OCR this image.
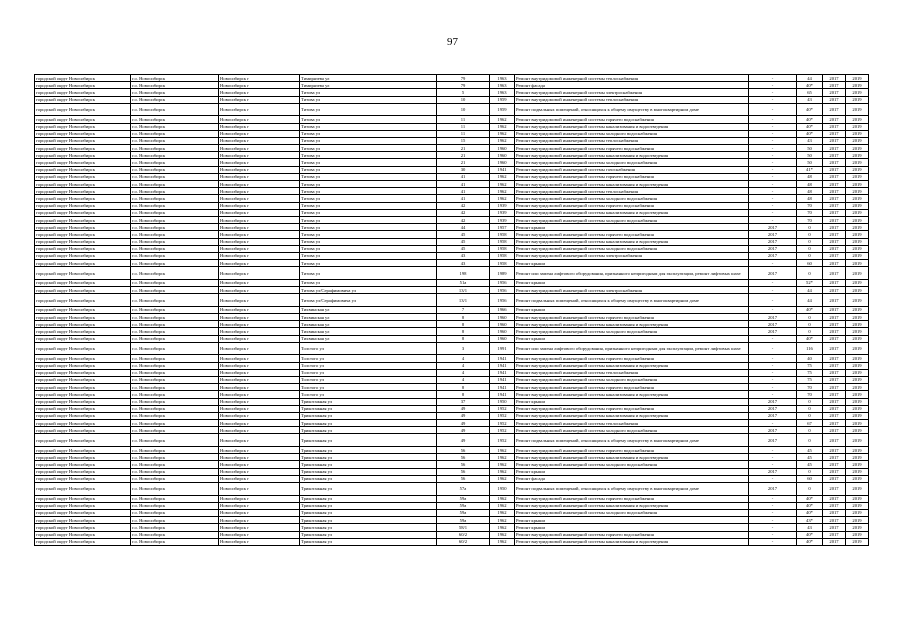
97
городской округ Новосибирск	г.о. Новосибирск	Новосибирск г	Тимирязева ул	79	1963	Ремонт внутридомовой инженерной системы теплоснабжения	-	44	2017	2019
городской округ Новосибирск	г.о. Новосибирск	Новосибирск г	Тимирязева ул	79	1963	Ремонт фасада	-	40*	2017	2019
городской округ Новосибирск	г.о. Новосибирск	Новосибирск г	Титова ул	5	1963	Ремонт внутридомовой инженерной системы электроснабжения	-	65	2017	2019
городской округ Новосибирск	г.о. Новосибирск	Новосибирск г	Титова ул	10	1959	Ремонт внутридомовой инженерной системы теплоснабжения	-	43	2017	2019
городской округ Новосибирск	г.о. Новосибирск	Новосибирск г	Титова ул	10	1959	Ремонт подвальных помещений, относящихся к общему имуществу в многоквартирном доме	-	40*	2017	2019
городской округ Новосибирск	г.о. Новосибирск	Новосибирск г	Титова ул	11	1962	Ремонт внутридомовой инженерной системы горячего водоснабжения	-	40*	2017	2019
городской округ Новосибирск	г.о. Новосибирск	Новосибирск г	Титова ул	11	1962	Ремонт внутридомовой инженерной системы канализования и водоотведения	-	40*	2017	2019
городской округ Новосибирск	г.о. Новосибирск	Новосибирск г	Титова ул	11	1962	Ремонт внутридомовой инженерной системы холодного водоснабжения	-	40*	2017	2019
городской округ Новосибирск	г.о. Новосибирск	Новосибирск г	Титова ул	15	1962	Ремонт внутридомовой инженерной системы теплоснабжения	-	43	2017	2019
городской округ Новосибирск	г.о. Новосибирск	Новосибирск г	Титова ул	21	1960	Ремонт внутридомовой инженерной системы горячего водоснабжения	-	50	2017	2019
городской округ Новосибирск	г.о. Новосибирск	Новосибирск г	Титова ул	21	1960	Ремонт внутридомовой инженерной системы канализования и водоотведения	-	50	2017	2019
городской округ Новосибирск	г.о. Новосибирск	Новосибирск г	Титова ул	21	1960	Ремонт внутридомовой инженерной системы холодного водоснабжения	-	50	2017	2019
городской округ Новосибирск	г.о. Новосибирск	Новосибирск г	Титова ул	30	1941	Ремонт внутридомовой инженерной системы газоснабжения	-	41*	2017	2019
городской округ Новосибирск	г.о. Новосибирск	Новосибирск г	Титова ул	41	1962	Ремонт внутридомовой инженерной системы горячего водоснабжения	-	48	2017	2019
городской округ Новосибирск	г.о. Новосибирск	Новосибирск г	Титова ул	41	1962	Ремонт внутридомовой инженерной системы канализования и водоотведения	-	48	2017	2019
городской округ Новосибирск	г.о. Новосибирск	Новосибирск г	Титова ул	41	1962	Ремонт внутридомовой инженерной системы теплоснабжения	-	48	2017	2019
городской округ Новосибирск	г.о. Новосибирск	Новосибирск г	Титова ул	41	1962	Ремонт внутридомовой инженерной системы холодного водоснабжения	-	48	2017	2019
городской округ Новосибирск	г.о. Новосибирск	Новосибирск г	Титова ул	42	1939	Ремонт внутридомовой инженерной системы горячего водоснабжения	-	70	2017	2019
городской округ Новосибирск	г.о. Новосибирск	Новосибирск г	Титова ул	42	1939	Ремонт внутридомовой инженерной системы канализования и водоотведения	-	70	2017	2019
городской округ Новосибирск	г.о. Новосибирск	Новосибирск г	Титова ул	42	1939	Ремонт внутридомовой инженерной системы холодного водоснабжения	-	70	2017	2019
городской округ Новосибирск	г.о. Новосибирск	Новосибирск г	Титова ул	44	1957	Ремонт крыши	2017	0	2017	2019
городской округ Новосибирск	г.о. Новосибирск	Новосибирск г	Титова ул	45	1958	Ремонт внутридомовой инженерной системы горячего водоснабжения	2017	0	2017	2019
городской округ Новосибирск	г.о. Новосибирск	Новосибирск г	Титова ул	45	1958	Ремонт внутридомовой инженерной системы канализования и водоотведения	2017	0	2017	2019
городской округ Новосибирск	г.о. Новосибирск	Новосибирск г	Титова ул	45	1958	Ремонт внутридомовой инженерной системы холодного водоснабжения	2017	0	2017	2019
городской округ Новосибирск	г.о. Новосибирск	Новосибирск г	Титова ул	43	1958	Ремонт внутридомовой инженерной системы электроснабжения	2017	0	2017	2019
городской округ Новосибирск	г.о. Новосибирск	Новосибирск г	Титова ул	43	1958	Ремонт крыши	-	60	2017	2019
городской округ Новосибирск	г.о. Новосибирск	Новосибирск г	Титова ул	198	1989	Ремонт или замена лифтового оборудования, признанного непригодным для эксплуатации, ремонт лифтовых шахт	2017	0	2017	2019
городской округ Новосибирск	г.о. Новосибирск	Новосибирск г	Титова ул	51а	1956	Ремонт крыши	-	52*	2017	2019
городской округ Новосибирск	г.о. Новосибирск	Новосибирск г	Титова ул/Серафимовича ул	13/1	1956	Ремонт внутридомовой инженерной системы электроснабжения	-	44	2017	2019
городской округ Новосибирск	г.о. Новосибирск	Новосибирск г	Титова ул/Серафимовича ул	13/1	1956	Ремонт подвальных помещений, относящихся к общему имуществу в многоквартирном доме	-	44	2017	2019
городской округ Новосибирск	г.о. Новосибирск	Новосибирск г	Тихвинская ул	7	1966	Ремонт крыши	-	40*	2017	2019
городской округ Новосибирск	г.о. Новосибирск	Новосибирск г	Тихвинская ул	8	1960	Ремонт внутридомовой инженерной системы горячего водоснабжения	2017	0	2017	2019
городской округ Новосибирск	г.о. Новосибирск	Новосибирск г	Тихвинская ул	8	1960	Ремонт внутридомовой инженерной системы канализования и водоотведения	2017	0	2017	2019
городской округ Новосибирск	г.о. Новосибирск	Новосибирск г	Тихвинская ул	8	1960	Ремонт внутридомовой инженерной системы холодного водоснабжения	2017	0	2017	2019
городской округ Новосибирск	г.о. Новосибирск	Новосибирск г	Тихвинская ул	8	1960	Ремонт крыши	-	40*	2017	2019
городской округ Новосибирск	г.о. Новосибирск	Новосибирск г	Толстого ул	3	1991	Ремонт или замена лифтового оборудования, признанного непригодным для эксплуатации, ремонт лифтовых шахт	-	116	2017	2019
городской округ Новосибирск	г.о. Новосибирск	Новосибирск г	Толстого ул	4	1941	Ремонт внутридомовой инженерной системы горячего водоснабжения	-	40	2017	2019
городской округ Новосибирск	г.о. Новосибирск	Новосибирск г	Толстого ул	4	1941	Ремонт внутридомовой инженерной системы канализования и водоотведения	-	75	2017	2019
городской округ Новосибирск	г.о. Новосибирск	Новосибирск г	Толстого ул	4	1941	Ремонт внутридомовой инженерной системы теплоснабжения	-	75	2017	2019
городской округ Новосибирск	г.о. Новосибирск	Новосибирск г	Толстого ул	4	1941	Ремонт внутридомовой инженерной системы холодного водоснабжения	-	75	2017	2019
городской округ Новосибирск	г.о. Новосибирск	Новосибирск г	Толстого ул	8	1941	Ремонт внутридомовой инженерной системы горячего водоснабжения	-	70	2017	2019
городской округ Новосибирск	г.о. Новосибирск	Новосибирск г	Толстого ул	8	1941	Ремонт внутридомовой инженерной системы канализования и водоотведения	-	70	2017	2019
городской округ Новосибирск	г.о. Новосибирск	Новосибирск г	Трикотажная ул	37	1950	Ремонт крыши	2017	0	2017	2019
городской округ Новосибирск	г.о. Новосибирск	Новосибирск г	Трикотажная ул	49	1952	Ремонт внутридомовой инженерной системы горячего водоснабжения	2017	0	2017	2019
городской округ Новосибирск	г.о. Новосибирск	Новосибирск г	Трикотажная ул	49	1952	Ремонт внутридомовой инженерной системы канализования и водоотведения	2017	0	2017	2019
городской округ Новосибирск	г.о. Новосибирск	Новосибирск г	Трикотажная ул	49	1952	Ремонт внутридомовой инженерной системы теплоснабжения	-	67	2017	2019
городской округ Новосибирск	г.о. Новосибирск	Новосибирск г	Трикотажная ул	49	1952	Ремонт внутридомовой инженерной системы холодного водоснабжения	2017	0	2017	2019
городской округ Новосибирск	г.о. Новосибирск	Новосибирск г	Трикотажная ул	49	1952	Ремонт подвальных помещений, относящихся к общему имуществу в многоквартирном доме	2017	0	2017	2019
городской округ Новосибирск	г.о. Новосибирск	Новосибирск г	Трикотажная ул	56	1962	Ремонт внутридомовой инженерной системы горячего водоснабжения	-	45	2017	2019
городской округ Новосибирск	г.о. Новосибирск	Новосибирск г	Трикотажная ул	56	1962	Ремонт внутридомовой инженерной системы канализования и водоотведения	-	45	2017	2019
городской округ Новосибирск	г.о. Новосибирск	Новосибирск г	Трикотажная ул	56	1962	Ремонт внутридомовой инженерной системы холодного водоснабжения	-	45	2017	2019
городской округ Новосибирск	г.о. Новосибирск	Новосибирск г	Трикотажная ул	56	1962	Ремонт крыши	2017	0	2017	2019
городской округ Новосибирск	г.о. Новосибирск	Новосибирск г	Трикотажная ул	56	1962	Ремонт фасада	-	60	2017	2019
городской округ Новосибирск	г.о. Новосибирск	Новосибирск г	Трикотажная ул	57а	1950	Ремонт подвальных помещений, относящихся к общему имуществу в многоквартирном доме	2017	0	2017	2019
городской округ Новосибирск	г.о. Новосибирск	Новосибирск г	Трикотажная ул	59а	1962	Ремонт внутридомовой инженерной системы горячего водоснабжения	-	40*	2017	2019
городской округ Новосибирск	г.о. Новосибирск	Новосибирск г	Трикотажная ул	59а	1962	Ремонт внутридомовой инженерной системы канализования и водоотведения	-	40*	2017	2019
городской округ Новосибирск	г.о. Новосибирск	Новосибирск г	Трикотажная ул	59а	1962	Ремонт внутридомовой инженерной системы холодного водоснабжения	-	40*	2017	2019
городской округ Новосибирск	г.о. Новосибирск	Новосибирск г	Трикотажная ул	59а	1962	Ремонт крыши	-	43*	2017	2019
городской округ Новосибирск	г.о. Новосибирск	Новосибирск г	Трикотажная ул	58/1	1962	Ремонт крыши	-	43	2017	2019
городской округ Новосибирск	г.о. Новосибирск	Новосибирск г	Трикотажная ул	60/2	1962	Ремонт внутридомовой инженерной системы горячего водоснабжения	-	40*	2017	2019
городской округ Новосибирск	г.о. Новосибирск	Новосибирск г	Трикотажная ул	60/2	1962	Ремонт внутридомовой инженерной системы канализования и водоотведения	-	40*	2017	2019
